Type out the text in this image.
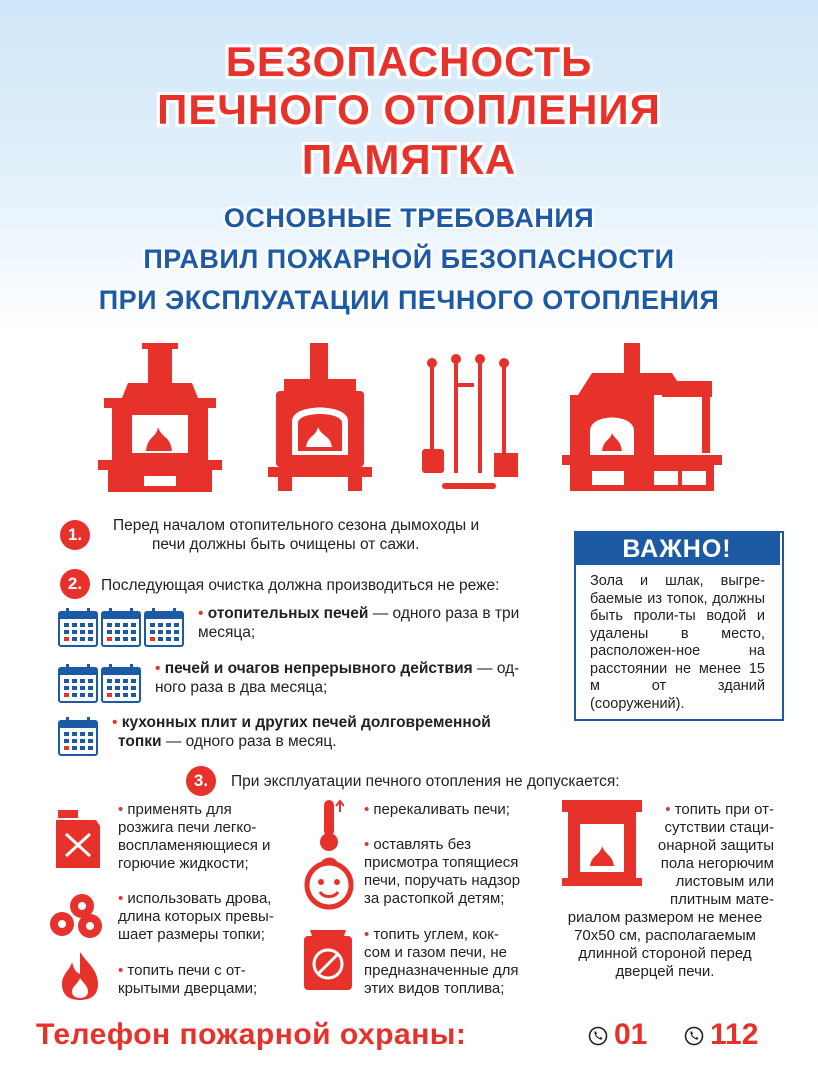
БЕЗОПАСНОСТЬ
ПЕЧНОГО ОТОПЛЕНИЯ
ПАМЯТКА
ОСНОВНЫЕ ТРЕБОВАНИЯ
ПРАВИЛ ПОЖАРНОЙ БЕЗОПАСНОСТИ
ПРИ ЭКСПЛУАТАЦИИ ПЕЧНОГО ОТОПЛЕНИЯ
1.	Перед началом отопительного сезона дымоходы и
печи должны быть очищены от сажи.
2.	Последующая очистка должна производиться не реже:
• отопительных печей — одного раза в три
месяца;
• печей и очагов непрерывного действия — од-
ного раза в два месяца;
• кухонных плит и других печей долговременной
топки — одного раза в месяц.
ВАЖНО!
Зола и шлак, выгре-баемые из топок, должны быть проли-ты водой и удалены в место, расположен-ное на расстоянии не менее 15 м от зданий (сооружений).
3.	При эксплуатации печного отопления не допускается:
• применять для
розжига печи легко-
воспламеняющиеся и
горючие жидкости;
• использовать дрова,
длина которых превы-
шает размеры топки;
• топить печи с от-
крытыми дверцами;
• перекаливать печи;
• оставлять без
присмотра топящиеся
печи, поручать надзор
за растопкой детям;
• топить углем, кок-
сом и газом печи, не
предназначенные для
этих видов топлива;
• топить при от-
сутствии стаци-
онарной защиты
пола негорючим
листовым или
плитным мате-
риалом размером не менее
70х50 см, располагаемым
длинной стороной перед
дверцей печи.
Телефон пожарной охраны:	01	112
